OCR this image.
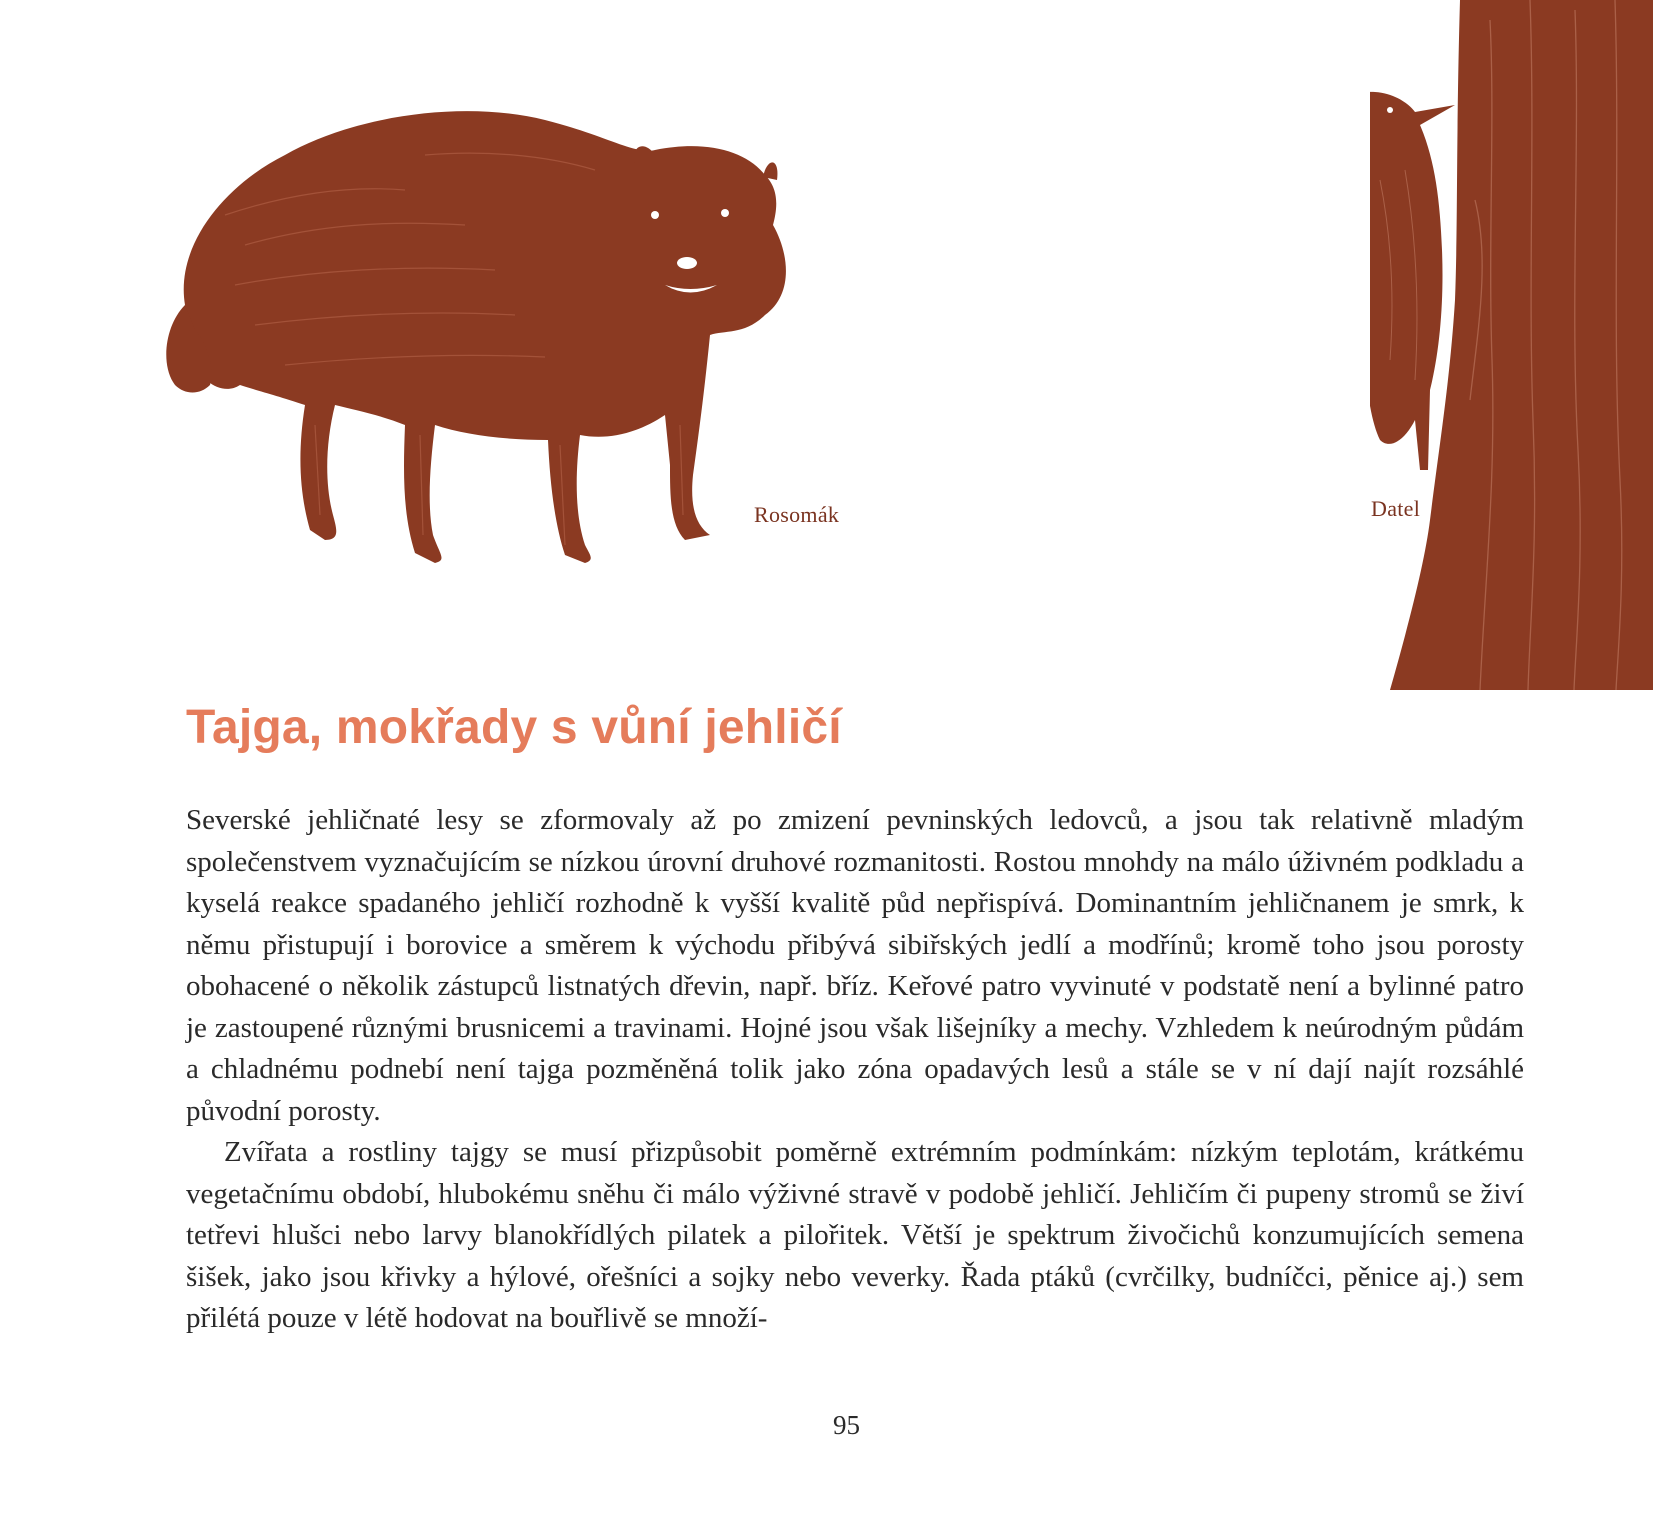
Rosomák	Datel
Tajga, mokřady s vůní jehličí

Severské jehličnaté lesy se zformovaly až po zmizení pevninských ledovců, a jsou tak relativně mladým společenstvem vyznačujícím se nízkou úrovní druhové rozmanitosti. Rostou mnohdy na málo úživném podkladu a kyselá reakce spadaného jehličí rozhodně k vyšší kvalitě půd nepřispívá. Dominantním jehličnanem je smrk, k němu přistupují i borovice a směrem k východu přibývá sibiřských jedlí a modřínů; kromě toho jsou porosty obohacené o několik zástupců listnatých dřevin, např. bříz. Keřové patro vyvinuté v podstatě není a bylinné patro je zastoupené různými brusnicemi a travinami. Hojné jsou však lišejníky a mechy. Vzhledem k neúrodným půdám a chladnému podnebí není tajga pozměněná tolik jako zóna opadavých lesů a stále se v ní dají najít rozsáhlé původní porosty.

Zvířata a rostliny tajgy se musí přizpůsobit poměrně extrémním podmínkám: nízkým teplotám, krátkému vegetačnímu období, hlubokému sněhu či málo výživné stravě v podobě jehličí. Jehličím či pupeny stromů se živí tetřevi hlušci nebo larvy blanokřídlých pilatek a pilořitek. Větší je spektrum živočichů konzumujících semena šišek, jako jsou křivky a hýlové, ořešníci a sojky nebo veverky. Řada ptáků (cvrčilky, budníčci, pěnice aj.) sem přilétá pouze v létě hodovat na bouřlivě se množí-

95
